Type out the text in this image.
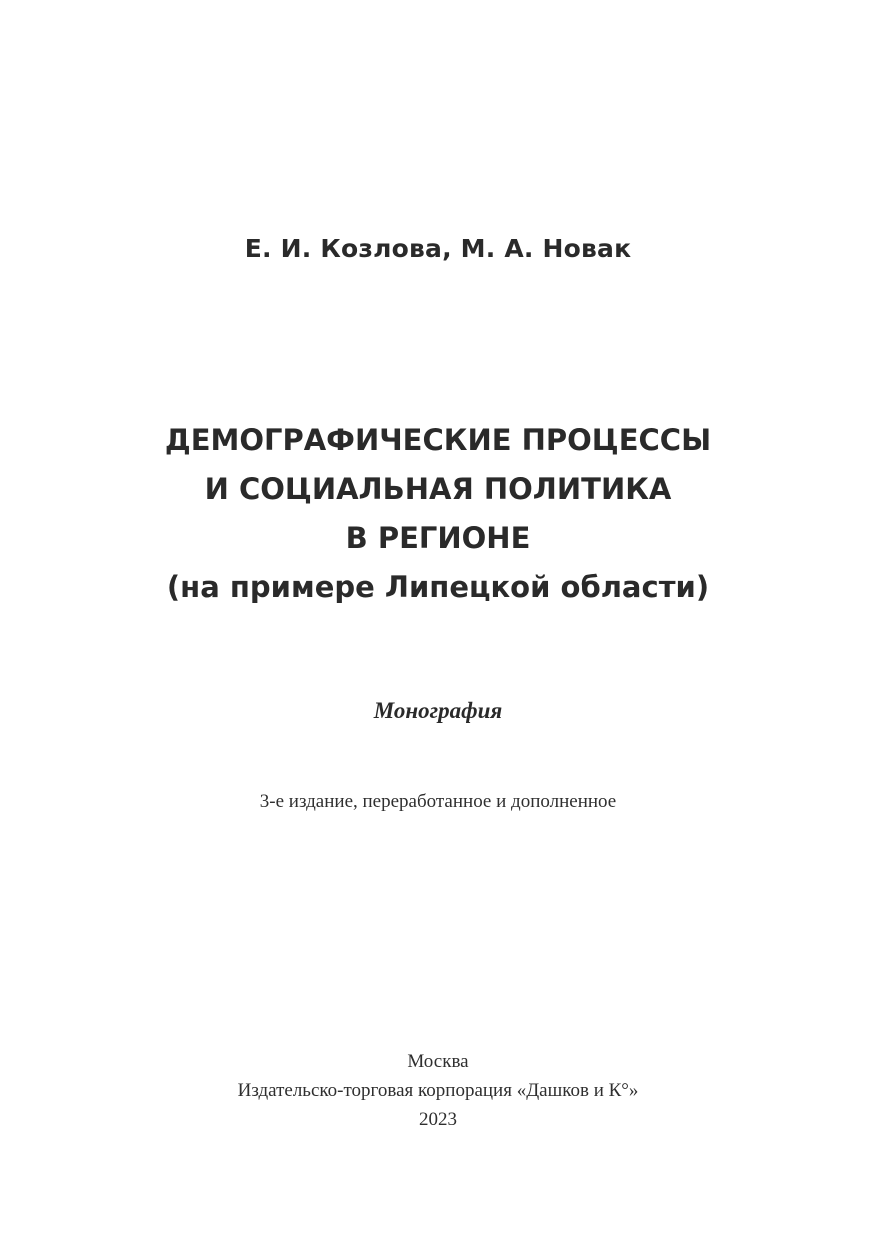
Е. И. Козлова, М. А. Новак
ДЕМОГРАФИЧЕСКИЕ ПРОЦЕССЫ
И СОЦИАЛЬНАЯ ПОЛИТИКА
В РЕГИОНЕ
(на примере Липецкой области)
Монография
3-е издание, переработанное и дополненное
Москва
Издательско-торговая корпорация «Дашков и К°»
2023
